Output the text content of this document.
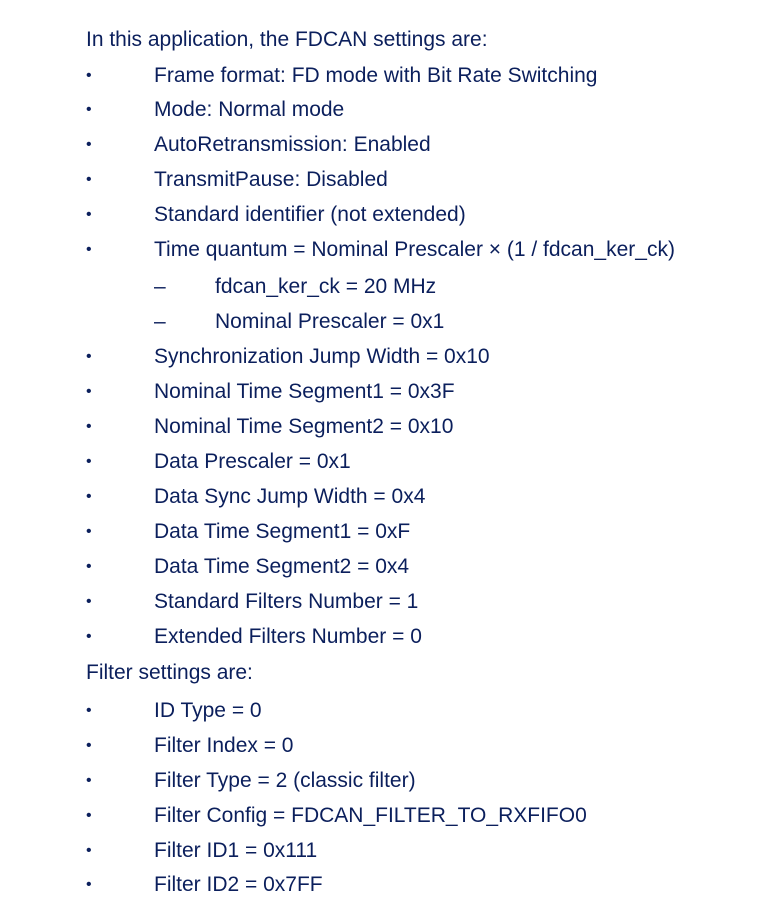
In this application, the FDCAN settings are:
•	Frame format: FD mode with Bit Rate Switching
•	Mode: Normal mode
•	AutoRetransmission: Enabled
•	TransmitPause: Disabled
•	Standard identifier (not extended)
•	Time quantum = Nominal Prescaler × (1 / fdcan_ker_ck)
– fdcan_ker_ck = 20 MHz
– Nominal Prescaler = 0x1
•	Synchronization Jump Width = 0x10
•	Nominal Time Segment1 = 0x3F
•	Nominal Time Segment2 = 0x10
•	Data Prescaler = 0x1
•	Data Sync Jump Width = 0x4
•	Data Time Segment1 = 0xF
•	Data Time Segment2 = 0x4
•	Standard Filters Number = 1
•	Extended Filters Number = 0
Filter settings are:
•	ID Type = 0
•	Filter Index = 0
•	Filter Type = 2 (classic filter)
•	Filter Config = FDCAN_FILTER_TO_RXFIFO0
•	Filter ID1 = 0x111
•	Filter ID2 = 0x7FF
